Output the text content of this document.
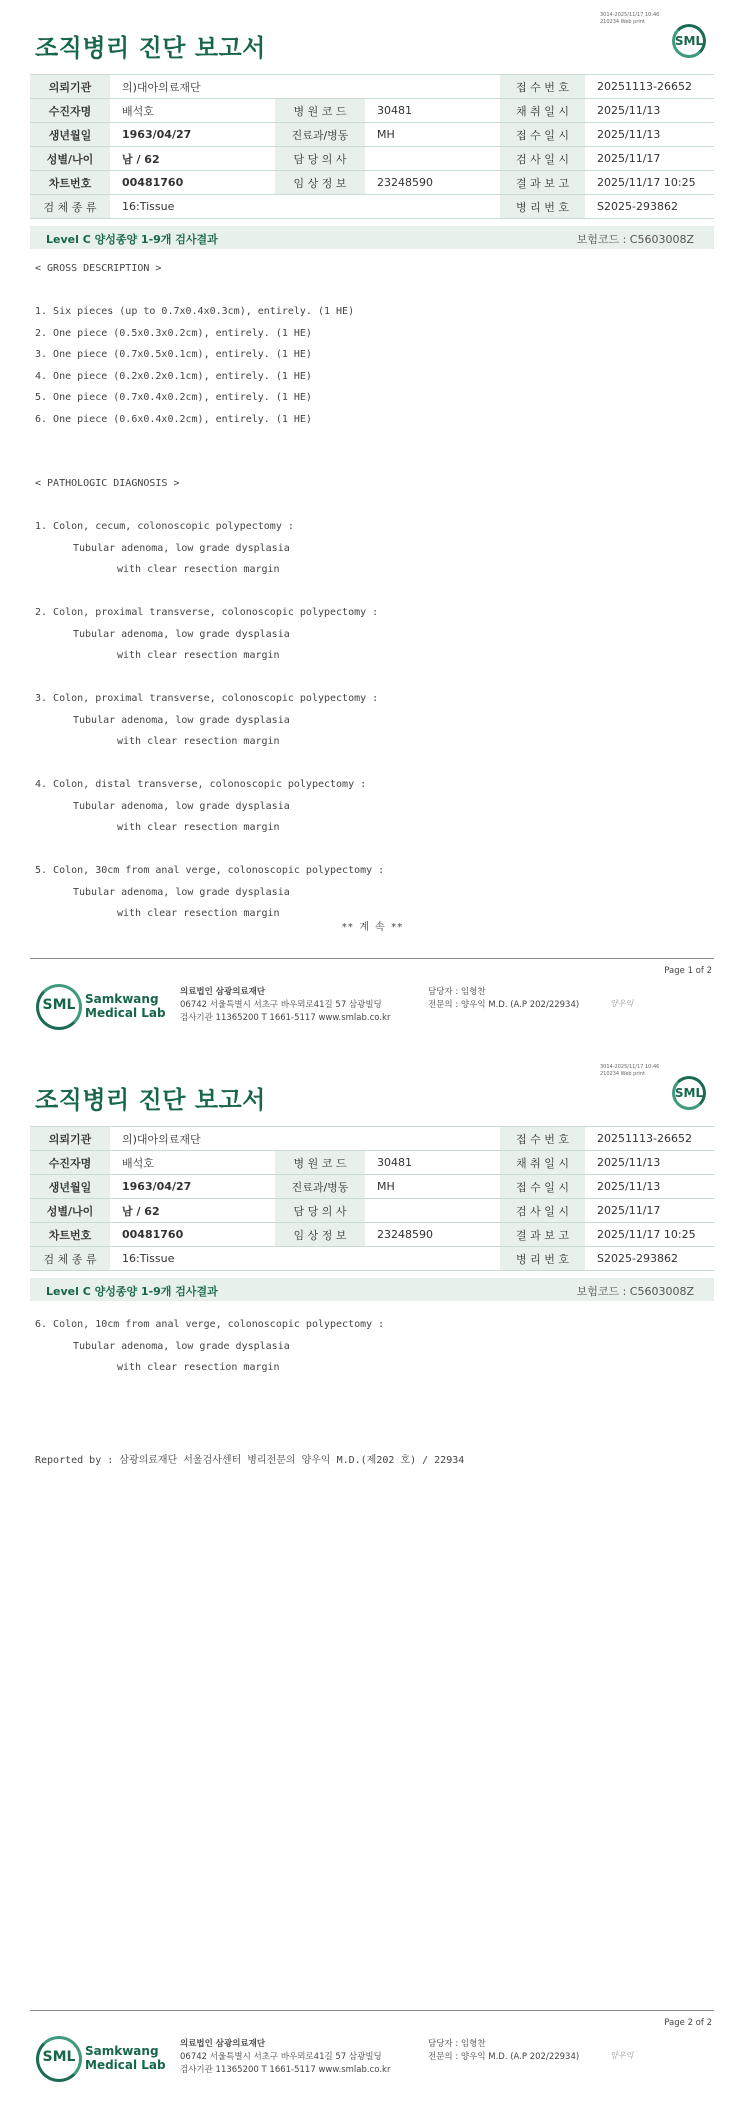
3014-2025/11/17 10:46
210234 Web print
조직병리 진단 보고서	SML
의뢰기관	의)대아의료재단			접 수 번 호	20251113-26652
수진자명	배석호	병 원 코 드	30481	채 취 일 시	2025/11/13
생년월일	1963/04/27	진료과/병동	MH	접 수 일 시	2025/11/13
성별/나이	남 / 62	담 당 의 사		검 사 일 시	2025/11/17
차트번호	00481760	임 상 정 보	23248590	결 과 보 고	2025/11/17 10:25
검 체 종 류	16:Tissue			병 리 번 호	S2025-293862
Level C 양성종양 1-9개 검사결과	보험코드 : C5603008Z
< GROSS DESCRIPTION >

1. Six pieces (up to 0.7x0.4x0.3cm), entirely. (1 HE)
2. One piece (0.5x0.3x0.2cm), entirely. (1 HE)
3. One piece (0.7x0.5x0.1cm), entirely. (1 HE)
4. One piece (0.2x0.2x0.1cm), entirely. (1 HE)
5. One piece (0.7x0.4x0.2cm), entirely. (1 HE)
6. One piece (0.6x0.4x0.2cm), entirely. (1 HE)

< PATHOLOGIC DIAGNOSIS >

1. Colon, cecum, colonoscopic polypectomy :
Tubular adenoma, low grade dysplasia
with clear resection margin

2. Colon, proximal transverse, colonoscopic polypectomy :
Tubular adenoma, low grade dysplasia
with clear resection margin

3. Colon, proximal transverse, colonoscopic polypectomy :
Tubular adenoma, low grade dysplasia
with clear resection margin

4. Colon, distal transverse, colonoscopic polypectomy :
Tubular adenoma, low grade dysplasia
with clear resection margin

5. Colon, 30cm from anal verge, colonoscopic polypectomy :
Tubular adenoma, low grade dysplasia
with clear resection margin
** 계 속 **
Page 1 of 2
SML Samkwang
Medical Lab
의료법인 삼광의료재단
06742 서울특별시 서초구 바우뫼로41길 57 삼광빌딩
검사기관 11365200 T 1661-5117 www.smlab.co.kr
담당자 : 임형찬
전문의 : 양우익 M.D. (A.P 202/22934)	양우익
3014-2025/11/17 10:46
210234 Web print
조직병리 진단 보고서	SML
의뢰기관	의)대아의료재단			접 수 번 호	20251113-26652
수진자명	배석호	병 원 코 드	30481	채 취 일 시	2025/11/13
생년월일	1963/04/27	진료과/병동	MH	접 수 일 시	2025/11/13
성별/나이	남 / 62	담 당 의 사		검 사 일 시	2025/11/17
차트번호	00481760	임 상 정 보	23248590	결 과 보 고	2025/11/17 10:25
검 체 종 류	16:Tissue			병 리 번 호	S2025-293862
Level C 양성종양 1-9개 검사결과	보험코드 : C5603008Z
6. Colon, 10cm from anal verge, colonoscopic polypectomy :
Tubular adenoma, low grade dysplasia
with clear resection margin
Reported by : 삼광의료재단 서울검사센터 병리전문의 양우익 M.D.(제202 호) / 22934
Page 2 of 2
SML Samkwang
Medical Lab
의료법인 삼광의료재단
06742 서울특별시 서초구 바우뫼로41길 57 삼광빌딩
검사기관 11365200 T 1661-5117 www.smlab.co.kr
담당자 : 임형찬
전문의 : 양우익 M.D. (A.P 202/22934)	양우익
